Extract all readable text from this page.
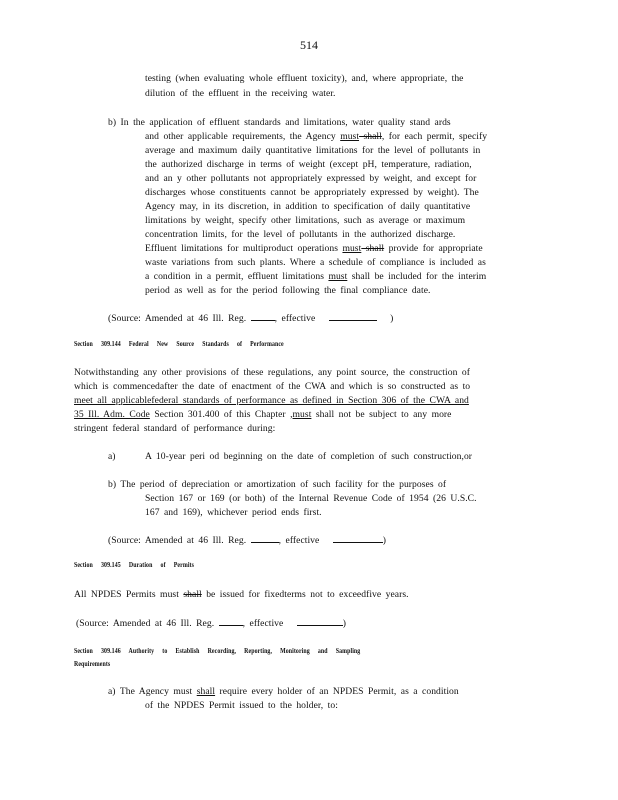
514
testing (when evaluating whole effluent toxicity), and, where appropriate, the
dilution of the effluent in the receiving water.
b) In the application of effluent standards and limitations, water quality stand ards
and other applicable requirements, the Agency must shall, for each permit, specify
average and maximum daily quantitative limitations for the level of pollutants in
the authorized discharge in terms of weight (except pH, temperature, radiation,
and an y other pollutants not appropriately expressed by weight, and except for
discharges whose constituents cannot be appropriately expressed by weight). The
Agency may, in its discretion, in addition to specification of daily quantitative
limitations by weight, specify other limitations, such as average or maximum
concentration limits, for the level of pollutants in the authorized discharge.
Effluent limitations for multiproduct operations must shall provide for appropriate
waste variations from such plants. Where a schedule of compliance is included as
a condition in a permit, effluent limitations must shall be included for the interim
period as well as for the period following the final compliance date.
(Source: Amended at 46 Ill. Reg.	, effective	)
Section 309.144 Federal New Source Standards of Performance
Notwithstanding any other provisions of these regulations, any point source, the construction of
which is commencedafter the date of enactment of the CWA and which is so constructed as to
meet all applicablefederal standards of performance as defined in Section 306 of the CWA and
35 Ill. Adm. Code Section 301.400 of this Chapter ,must shall not be subject to any more
stringent federal standard of performance during:
a)	A 10-year peri od beginning on the date of completion of such construction,or
b) The period of depreciation or amortization of such facility for the purposes of
Section 167 or 169 (or both) of the Internal Revenue Code of 1954 (26 U.S.C.
167 and 169), whichever period ends first.
(Source: Amended at 46 Ill. Reg.	, effective	)
Section 309.145 Duration of Permits
All NPDES Permits must shall be issued for fixedterms not to exceedfive years.
(Source: Amended at 46 Ill. Reg.	, effective	)
Section 309.146 Authority to Establish Recording, Reporting, Monitoring and Sampling
Requirements
a) The Agency must shall require every holder of an NPDES Permit, as a condition
of the NPDES Permit issued to the holder, to:
